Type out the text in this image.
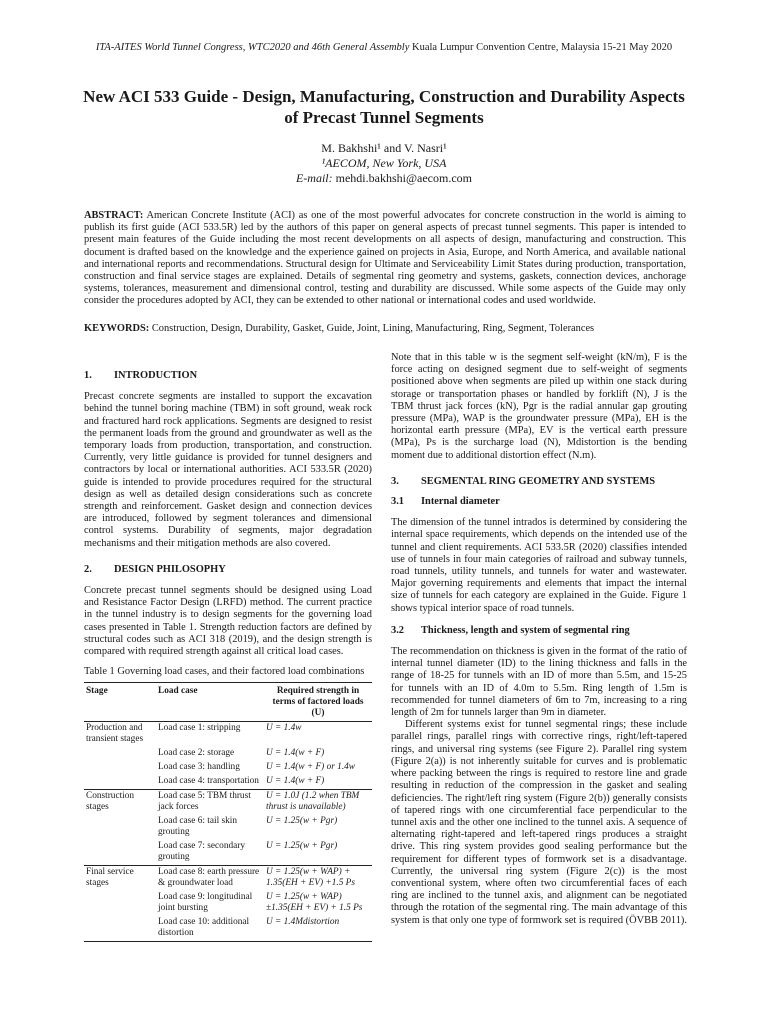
ITA-AITES World Tunnel Congress, WTC2020 and 46th General Assembly Kuala Lumpur Convention Centre, Malaysia 15-21 May 2020
New ACI 533 Guide - Design, Manufacturing, Construction and Durability Aspects of Precast Tunnel Segments
M. Bakhshi¹ and V. Nasri¹
¹AECOM, New York, USA
E-mail: mehdi.bakhshi@aecom.com
ABSTRACT: American Concrete Institute (ACI) as one of the most powerful advocates for concrete construction in the world is aiming to publish its first guide (ACI 533.5R) led by the authors of this paper on general aspects of precast tunnel segments. This paper is intended to present main features of the Guide including the most recent developments on all aspects of design, manufacturing and construction. This document is drafted based on the knowledge and the experience gained on projects in Asia, Europe, and North America, and available national and international reports and recommendations. Structural design for Ultimate and Serviceability Limit States during production, transportation, construction and final service stages are explained. Details of segmental ring geometry and systems, gaskets, connection devices, anchorage systems, tolerances, measurement and dimensional control, testing and durability are discussed. While some aspects of the Guide may only consider the procedures adopted by ACI, they can be extended to other national or international codes and used worldwide.
KEYWORDS: Construction, Design, Durability, Gasket, Guide, Joint, Lining, Manufacturing, Ring, Segment, Tolerances

1.	INTRODUCTION

Precast concrete segments are installed to support the excavation behind the tunnel boring machine (TBM) in soft ground, weak rock and fractured hard rock applications. Segments are designed to resist the permanent loads from the ground and groundwater as well as the temporary loads from production, transportation, and construction. Currently, very little guidance is provided for tunnel designers and contractors by local or international authorities. ACI 533.5R (2020) guide is intended to provide procedures required for the structural design as well as detailed design considerations such as concrete strength and reinforcement. Gasket design and connection devices are introduced, followed by segment tolerances and dimensional control systems. Durability of segments, major degradation mechanisms and their mitigation methods are also covered.

2.	DESIGN PHILOSOPHY

Concrete precast tunnel segments should be designed using Load and Resistance Factor Design (LRFD) method. The current practice in the tunnel industry is to design segments for the governing load cases presented in Table 1. Strength reduction factors are defined by structural codes such as ACI 318 (2019), and the design strength is compared with required strength against all critical load cases.

Table 1 Governing load cases, and their factored load combinations

Stage	Load case	Required strength in terms of factored loads (U)
Production and transient stages	Load case 1: stripping	U = 1.4w
	Load case 2: storage	U = 1.4(w + F)
	Load case 3: handling	U = 1.4(w + F) or 1.4w
	Load case 4: transportation	U = 1.4(w + F)
Construction stages	Load case 5: TBM thrust jack forces	U = 1.0J (1.2 when TBM thrust is unavailable)
	Load case 6: tail skin grouting	U = 1.25(w + Pgr)
	Load case 7: secondary grouting	U = 1.25(w + Pgr)
Final service stages	Load case 8: earth pressure & groundwater load	U = 1.25(w + WAP) + 1.35(EH + EV) +1.5 Ps
	Load case 9: longitudinal joint bursting	U = 1.25(w + WAP) ±1.35(EH + EV) + 1.5 Ps
	Load case 10: additional distortion	U = 1.4Mdistortion

Note that in this table w is the segment self-weight (kN/m), F is the force acting on designed segment due to self-weight of segments positioned above when segments are piled up within one stack during storage or transportation phases or handled by forklift (N), J is the TBM thrust jack forces (kN), Pgr is the radial annular gap grouting pressure (MPa), WAP is the groundwater pressure (MPa), EH is the horizontal earth pressure (MPa), EV is the vertical earth pressure (MPa), Ps is the surcharge load (N), Mdistortion is the bending moment due to additional distortion effect (N.m).

3.	SEGMENTAL RING GEOMETRY AND SYSTEMS

3.1	Internal diameter

The dimension of the tunnel intrados is determined by considering the internal space requirements, which depends on the intended use of the tunnel and client requirements. ACI 533.5R (2020) classifies intended use of tunnels in four main categories of railroad and subway tunnels, road tunnels, utility tunnels, and tunnels for water and wastewater. Major governing requirements and elements that impact the internal size of tunnels for each category are explained in the Guide. Figure 1 shows typical interior space of road tunnels.

3.2	Thickness, length and system of segmental ring

The recommendation on thickness is given in the format of the ratio of internal tunnel diameter (ID) to the lining thickness and falls in the range of 18-25 for tunnels with an ID of more than 5.5m, and 15-25 for tunnels with an ID of 4.0m to 5.5m. Ring length of 1.5m is recommended for tunnel diameters of 6m to 7m, increasing to a ring length of 2m for tunnels larger than 9m in diameter.

Different systems exist for tunnel segmental rings; these include parallel rings, parallel rings with corrective rings, right/left-tapered rings, and universal ring systems (see Figure 2). Parallel ring system (Figure 2(a)) is not inherently suitable for curves and is problematic where packing between the rings is required to restore line and grade resulting in reduction of the compression in the gasket and sealing deficiencies. The right/left ring system (Figure 2(b)) generally consists of tapered rings with one circumferential face perpendicular to the tunnel axis and the other one inclined to the tunnel axis. A sequence of alternating right-tapered and left-tapered rings produces a straight drive. This ring system provides good sealing performance but the requirement for different types of formwork set is a disadvantage. Currently, the universal ring system (Figure 2(c)) is the most conventional system, where often two circumferential faces of each ring are inclined to the tunnel axis, and alignment can be negotiated through the rotation of the segmental ring. The main advantage of this system is that only one type of formwork set is required (ÖVBB 2011).
